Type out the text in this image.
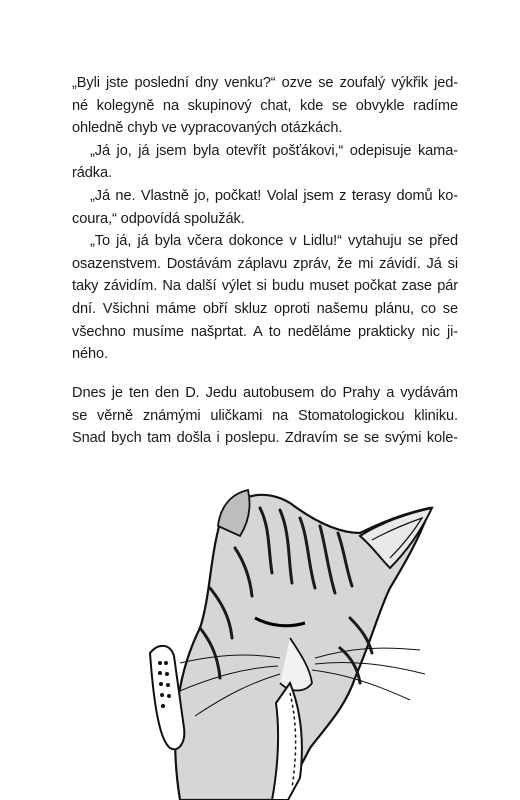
„Byli jste poslední dny venku?“ ozve se zoufalý výkřik jed-
né kolegyně na skupinový chat, kde se obvykle radíme
ohledně chyb ve vypracovaných otázkách.
„Já jo, já jsem byla otevřít pošťákovi,“ odepisuje kama-
rádka.
„Já ne. Vlastně jo, počkat! Volal jsem z terasy domů ko-
coura,“ odpovídá spolužák.
„To já, já byla včera dokonce v Lidlu!“ vytahuju se před
osazenstvem. Dostávám záplavu zpráv, že mi závidí. Já si
taky závidím. Na další výlet si budu muset počkat zase pár
dní. Všichni máme obří skluz oproti našemu plánu, co se
všechno musíme našprtat. A to neděláme prakticky nic ji-
ného.
Dnes je ten den D. Jedu autobusem do Prahy a vydávám
se věrně známými uličkami na Stomatologickou kliniku.
Snad bych tam došla i poslepu. Zdravím se se svými kole-
